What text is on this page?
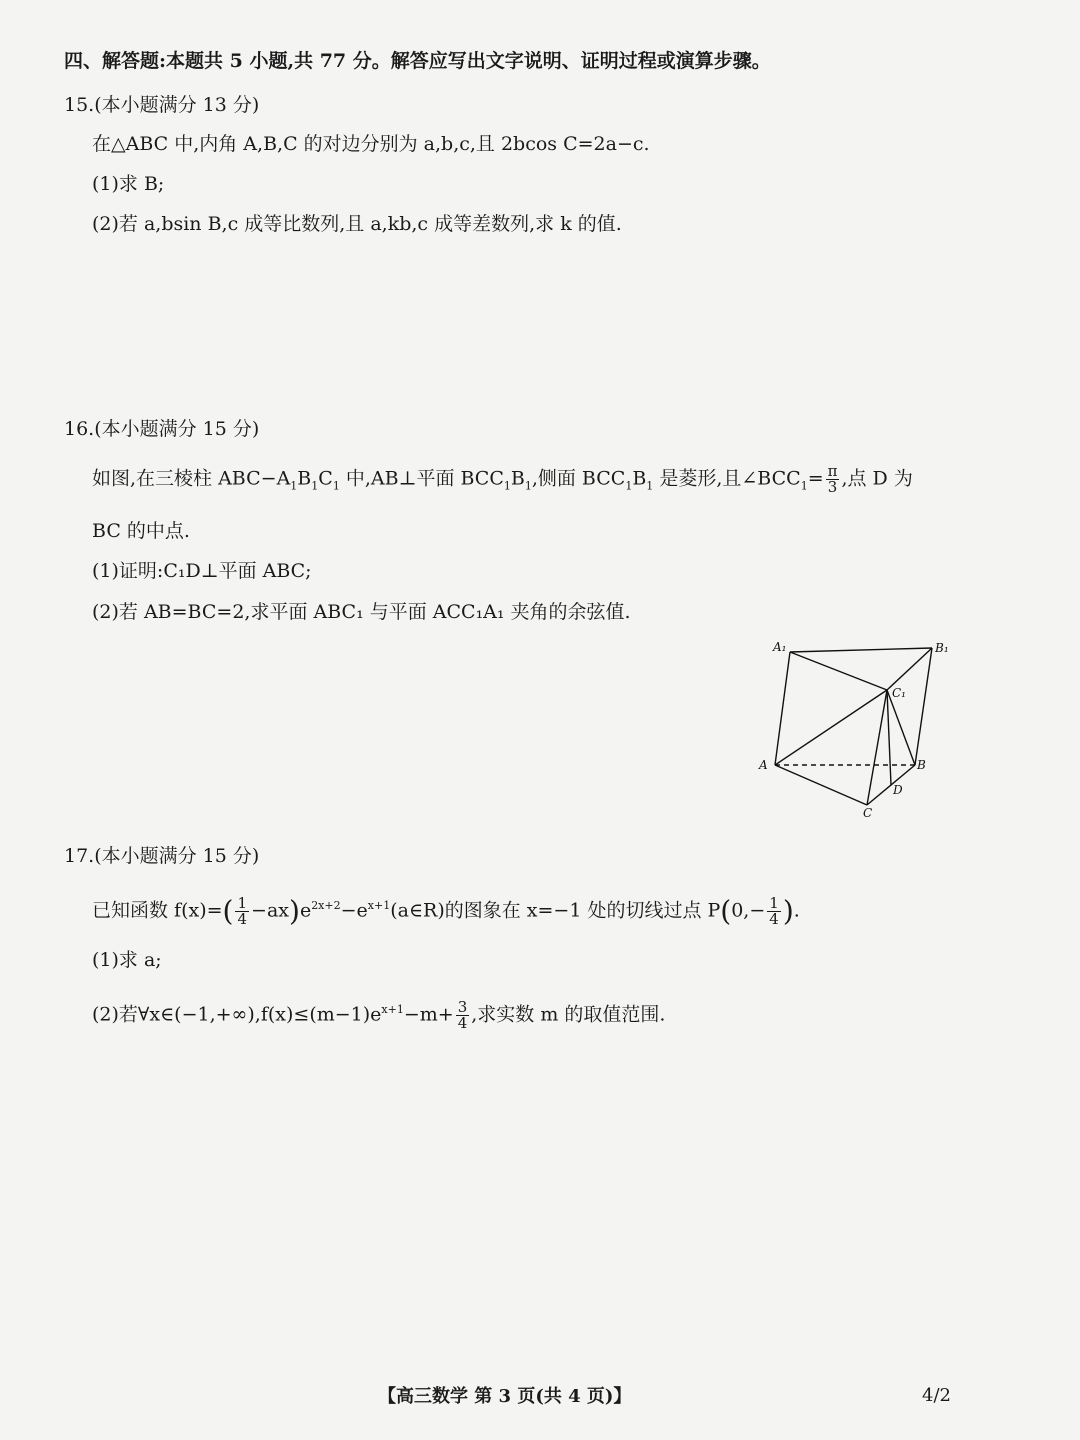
四、解答题:本题共 5 小题,共 77 分。解答应写出文字说明、证明过程或演算步骤。
15.(本小题满分 13 分)
在△ABC 中,内角 A,B,C 的对边分别为 a,b,c,且 2bcos C=2a−c.
(1)求 B;
(2)若 a,bsin B,c 成等比数列,且 a,kb,c 成等差数列,求 k 的值.
16.(本小题满分 15 分)
如图,在三棱柱 $ABC-A_1B_1C_1$ 中,AB⊥平面 $BCC_1B_1$,侧面 $BCC_1B_1$ 是菱形,且$\angle BCC_1= \frac{\pi}{3}$ ,点 D 为
BC 的中点.
(1)证明:C₁D⊥平面 ABC;
(2)若 AB=BC=2,求平面 ABC₁ 与平面 ACC₁A₁ 夹角的余弦值.
A₁	B₁
C₁
A	B
C
D
17.(本小题满分 15 分)
已知函数 $f(x)=( \frac{1}{4}$ $-ax)e^{2x+2}-e^{x+1}(a\in R)$的图象在 x=−1 处的切线过点 $P(0,- \frac{1}{4}$ ).
(1)求 a;
(2)若$\forall x\in(-1,+\infty),f(x)\le(m-1)e^{x+1}-m+ \frac{3}{4}$ ,求实数 m 的取值范围.
【高三数学 第 3 页(共 4 页)】	4/2
